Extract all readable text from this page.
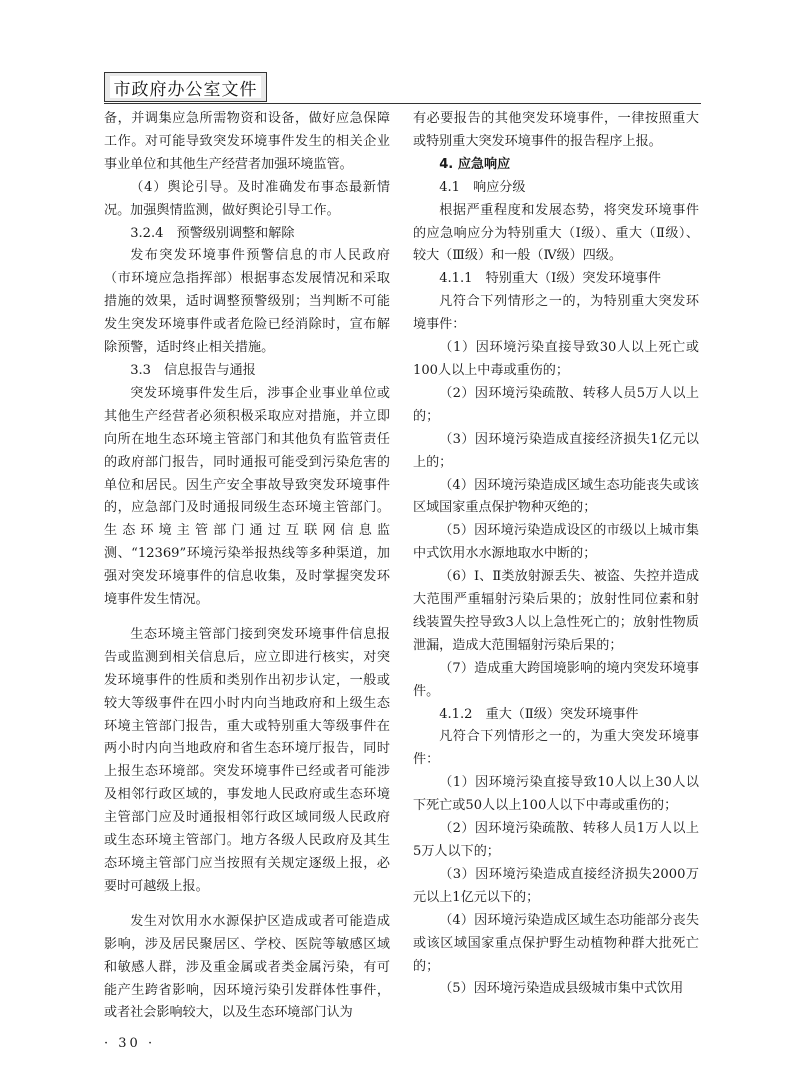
市政府办公室文件

备，并调集应急所需物资和设备，做好应急保障工作。对可能导致突发环境事件发生的相关企业事业单位和其他生产经营者加强环境监管。

（4）舆论引导。及时准确发布事态最新情况。加强舆情监测，做好舆论引导工作。

3.2.4　预警级别调整和解除

发布突发环境事件预警信息的市人民政府（市环境应急指挥部）根据事态发展情况和采取措施的效果，适时调整预警级别；当判断不可能发生突发环境事件或者危险已经消除时，宣布解除预警，适时终止相关措施。

3.3　信息报告与通报

突发环境事件发生后，涉事企业事业单位或其他生产经营者必须积极采取应对措施，并立即向所在地生态环境主管部门和其他负有监管责任的政府部门报告，同时通报可能受到污染危害的单位和居民。因生产安全事故导致突发环境事件的，应急部门及时通报同级生态环境主管部门。生态环境主管部门通过互联网信息监测、“12369”环境污染举报热线等多种渠道，加强对突发环境事件的信息收集，及时掌握突发环境事件发生情况。

生态环境主管部门接到突发环境事件信息报告或监测到相关信息后，应立即进行核实，对突发环境事件的性质和类别作出初步认定，一般或较大等级事件在四小时内向当地政府和上级生态环境主管部门报告，重大或特别重大等级事件在两小时内向当地政府和省生态环境厅报告，同时上报生态环境部。突发环境事件已经或者可能涉及相邻行政区域的，事发地人民政府或生态环境主管部门应及时通报相邻行政区域同级人民政府或生态环境主管部门。地方各级人民政府及其生态环境主管部门应当按照有关规定逐级上报，必要时可越级上报。

发生对饮用水水源保护区造成或者可能造成影响，涉及居民聚居区、学校、医院等敏感区域和敏感人群，涉及重金属或者类金属污染，有可能产生跨省影响，因环境污染引发群体性事件，或者社会影响较大，以及生态环境部门认为

有必要报告的其他突发环境事件，一律按照重大或特别重大突发环境事件的报告程序上报。

4. 应急响应

4.1　响应分级

根据严重程度和发展态势，将突发环境事件的应急响应分为特别重大（Ⅰ级）、重大（Ⅱ级）、较大（Ⅲ级）和一般（Ⅳ级）四级。

4.1.1　特别重大（Ⅰ级）突发环境事件

凡符合下列情形之一的，为特别重大突发环境事件：

（1）因环境污染直接导致30人以上死亡或100人以上中毒或重伤的；

（2）因环境污染疏散、转移人员5万人以上的；

（3）因环境污染造成直接经济损失1亿元以上的；

（4）因环境污染造成区域生态功能丧失或该区域国家重点保护物种灭绝的；

（5）因环境污染造成设区的市级以上城市集中式饮用水水源地取水中断的；

（6）Ⅰ、Ⅱ类放射源丢失、被盗、失控并造成大范围严重辐射污染后果的；放射性同位素和射线装置失控导致3人以上急性死亡的；放射性物质泄漏，造成大范围辐射污染后果的；

（7）造成重大跨国境影响的境内突发环境事件。

4.1.2　重大（Ⅱ级）突发环境事件

凡符合下列情形之一的，为重大突发环境事件：

（1）因环境污染直接导致10人以上30人以下死亡或50人以上100人以下中毒或重伤的；

（2）因环境污染疏散、转移人员1万人以上5万人以下的；

（3）因环境污染造成直接经济损失2000万元以上1亿元以下的；

（4）因环境污染造成区域生态功能部分丧失或该区域国家重点保护野生动植物种群大批死亡的；

（5）因环境污染造成县级城市集中式饮用

· 30 ·
